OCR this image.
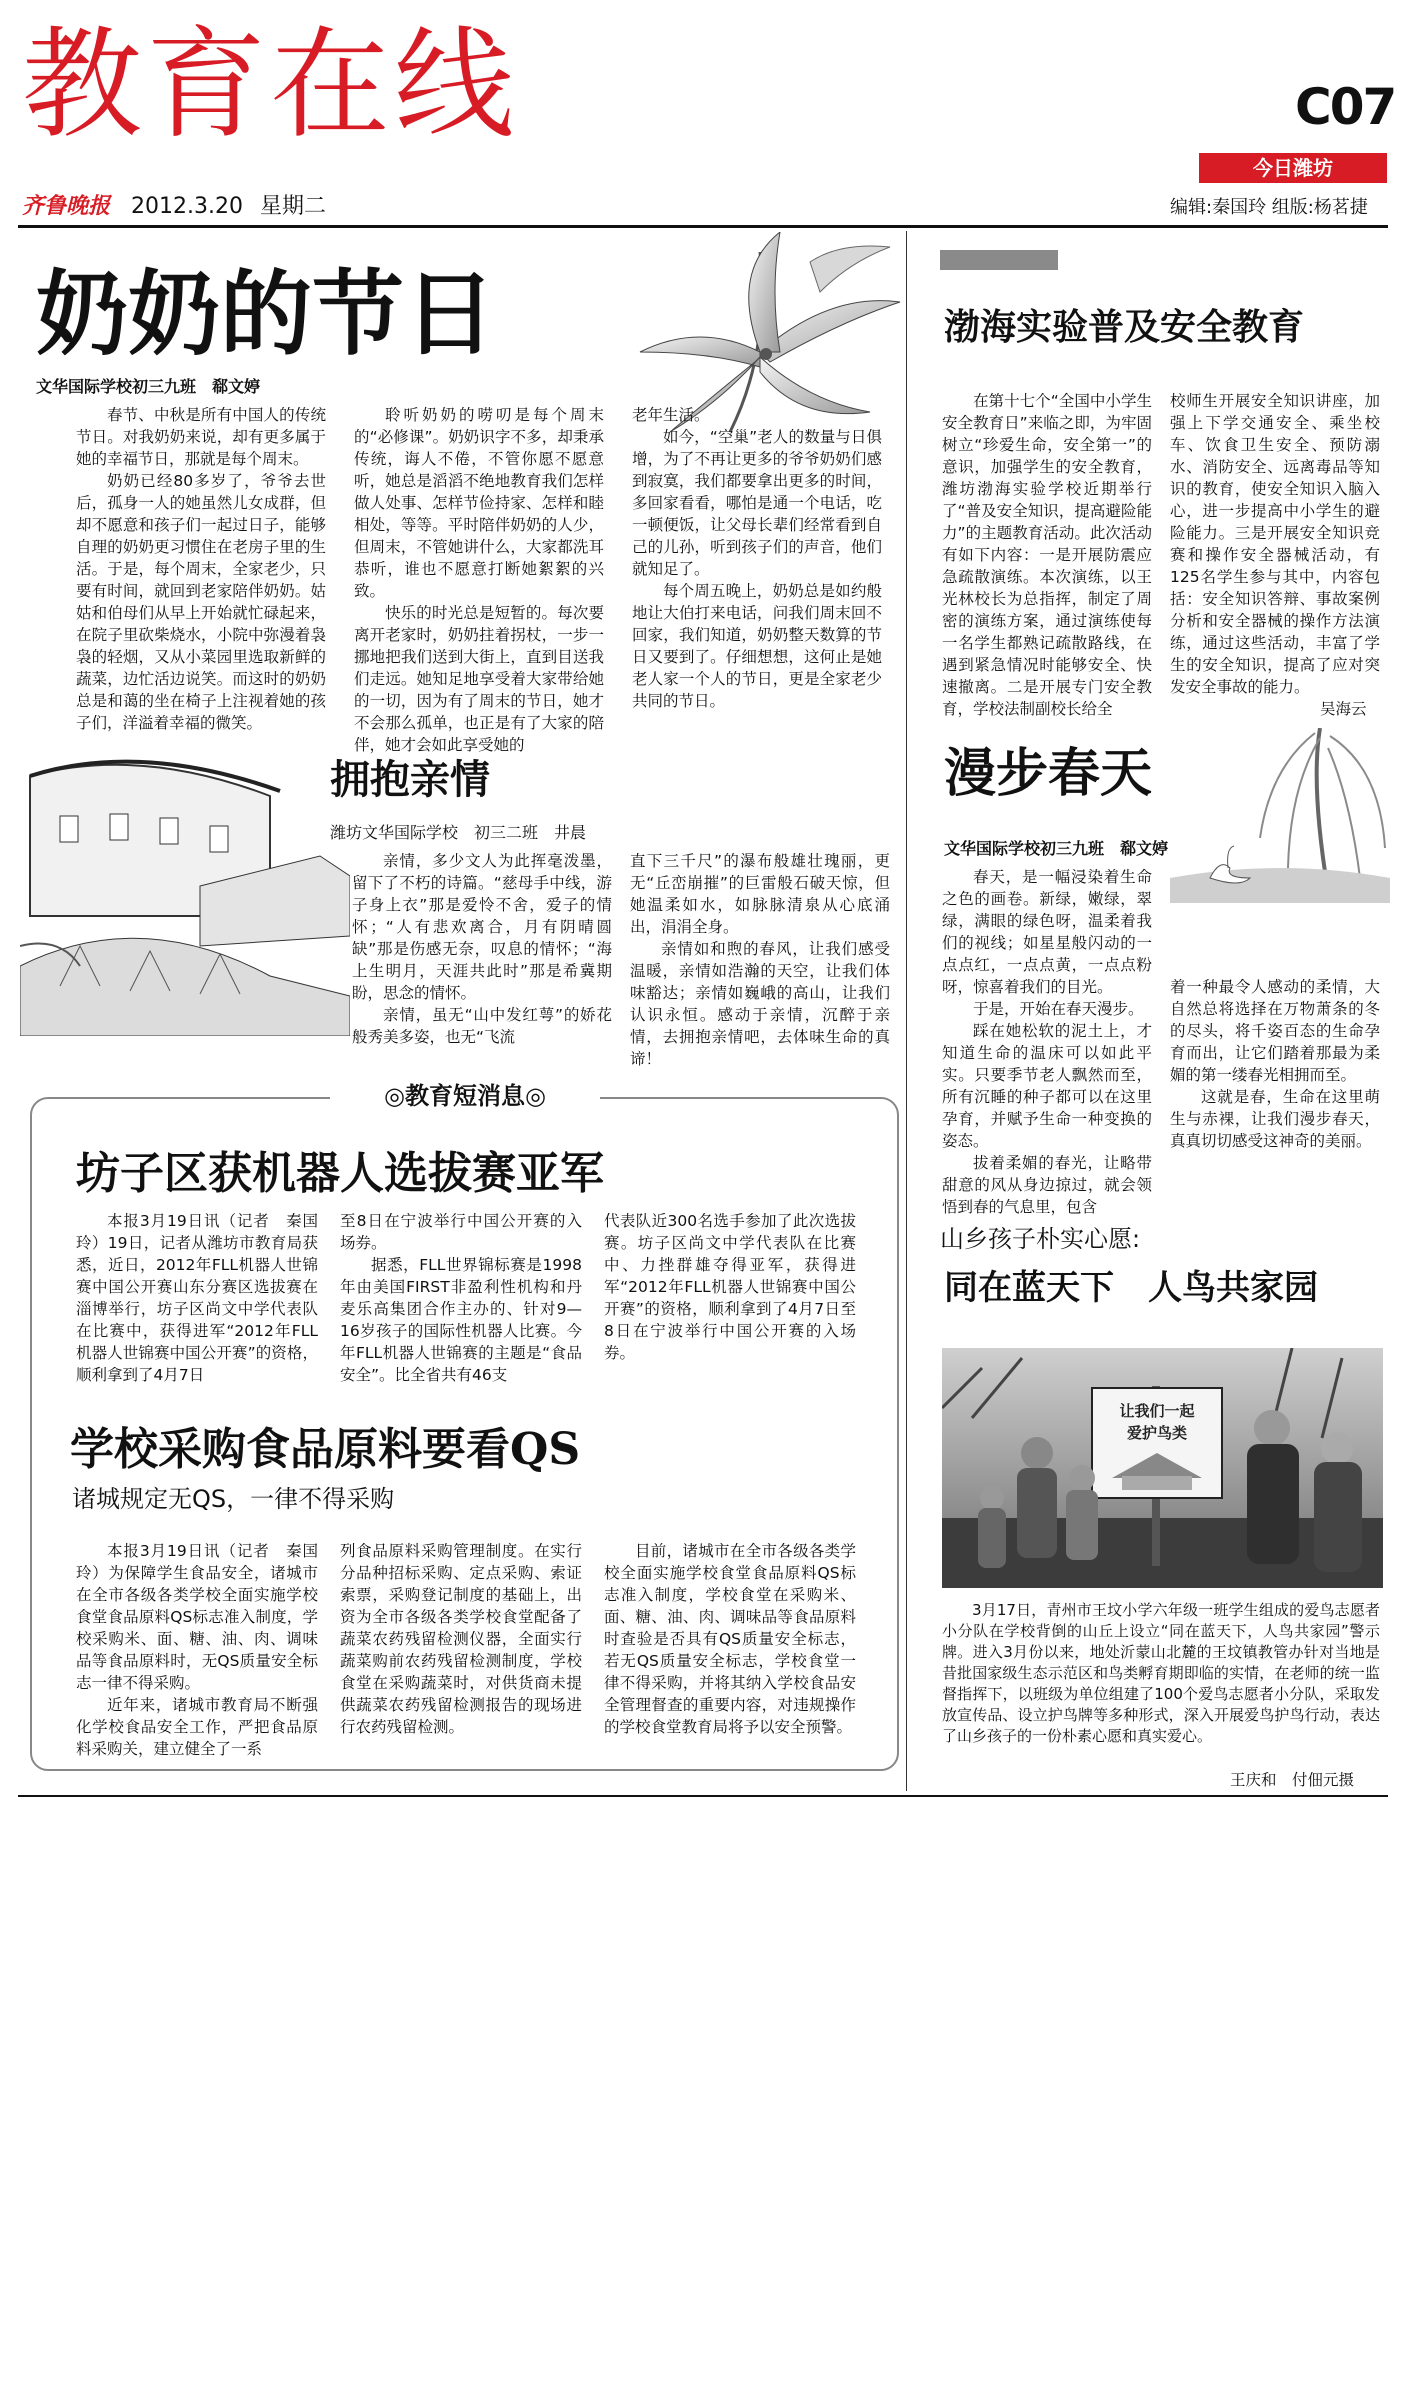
教育在线	C07
今日潍坊
齐鲁晚报 2012.3.20 星期二	编辑:秦国玲 组版:杨茗捷
奶奶的节日
文华国际学校初三九班　郗文婷

春节、中秋是所有中国人的传统节日。对我奶奶来说，却有更多属于她的幸福节日，那就是每个周末。

奶奶已经80多岁了，爷爷去世后，孤身一人的她虽然儿女成群，但却不愿意和孩子们一起过日子，能够自理的奶奶更习惯住在老房子里的生活。于是，每个周末，全家老少，只要有时间，就回到老家陪伴奶奶。姑姑和伯母们从早上开始就忙碌起来，在院子里砍柴烧水，小院中弥漫着袅袅的轻烟，又从小菜园里选取新鲜的蔬菜，边忙活边说笑。而这时的奶奶总是和蔼的坐在椅子上注视着她的孩子们，洋溢着幸福的微笑。

聆听奶奶的唠叨是每个周末的“必修课”。奶奶识字不多，却秉承传统，诲人不倦，不管你愿不愿意听，她总是滔滔不绝地教育我们怎样做人处事、怎样节俭持家、怎样和睦相处，等等。平时陪伴奶奶的人少，但周末，不管她讲什么，大家都洗耳恭听，谁也不愿意打断她絮絮的兴致。

快乐的时光总是短暂的。每次要离开老家时，奶奶拄着拐杖，一步一挪地把我们送到大街上，直到目送我们走远。她知足地享受着大家带给她的一切，因为有了周末的节日，她才不会那么孤单，也正是有了大家的陪伴，她才会如此享受她的

老年生活。

如今，“空巢”老人的数量与日俱增，为了不再让更多的爷爷奶奶们感到寂寞，我们都要拿出更多的时间，多回家看看，哪怕是通一个电话，吃一顿便饭，让父母长辈们经常看到自己的儿孙，听到孩子们的声音，他们就知足了。

每个周五晚上，奶奶总是如约般地让大伯打来电话，问我们周末回不回家，我们知道，奶奶整天数算的节日又要到了。仔细想想，这何止是她老人家一个人的节日，更是全家老少共同的节日。

渤海实验普及安全教育

在第十七个“全国中小学生安全教育日”来临之即，为牢固树立“珍爱生命，安全第一”的意识，加强学生的安全教育，潍坊渤海实验学校近期举行了“普及安全知识，提高避险能力”的主题教育活动。此次活动有如下内容：一是开展防震应急疏散演练。本次演练，以王光林校长为总指挥，制定了周密的演练方案，通过演练使每一名学生都熟记疏散路线，在遇到紧急情况时能够安全、快速撤离。二是开展专门安全教育，学校法制副校长给全

校师生开展安全知识讲座，加强上下学交通安全、乘坐校车、饮食卫生安全、预防溺水、消防安全、远离毒品等知识的教育，使安全知识入脑入心，进一步提高中小学生的避险能力。三是开展安全知识竞赛和操作安全器械活动，有125名学生参与其中，内容包括：安全知识答辩、事故案例分析和安全器械的操作方法演练，通过这些活动，丰富了学生的安全知识，提高了应对突发安全事故的能力。

吴海云
拥抱亲情
潍坊文华国际学校　初三二班　井晨

亲情，多少文人为此挥毫泼墨，留下了不朽的诗篇。“慈母手中线，游子身上衣”那是爱怜不舍，爱子的情怀；“人有悲欢离合，月有阴晴圆缺”那是伤感无奈，叹息的情怀；“海上生明月，天涯共此时”那是希冀期盼，思念的情怀。

亲情，虽无“山中发红萼”的娇花般秀美多姿，也无“飞流

直下三千尺”的瀑布般雄壮瑰丽，更无“丘峦崩摧”的巨雷般石破天惊，但她温柔如水，如脉脉清泉从心底涌出，涓涓全身。

亲情如和煦的春风，让我们感受温暖，亲情如浩瀚的天空，让我们体味豁达；亲情如巍峨的高山，让我们认识永恒。感动于亲情，沉醉于亲情，去拥抱亲情吧，去体味生命的真谛！

漫步春天
文华国际学校初三九班　郗文婷

春天，是一幅浸染着生命之色的画卷。新绿，嫩绿，翠绿，满眼的绿色呀，温柔着我们的视线；如星星般闪动的一点点红，一点点黄，一点点粉呀，惊喜着我们的目光。

于是，开始在春天漫步。

踩在她松软的泥土上，才知道生命的温床可以如此平实。只要季节老人飘然而至，所有沉睡的种子都可以在这里孕育，并赋予生命一种变换的姿态。

拔着柔媚的春光，让略带甜意的风从身边掠过，就会领悟到春的气息里，包含

着一种最令人感动的柔情，大自然总将选择在万物萧条的冬的尽头，将千姿百态的生命孕育而出，让它们踏着那最为柔媚的第一缕春光相拥而至。

这就是春，生命在这里萌生与赤裸，让我们漫步春天，真真切切感受这神奇的美丽。

◎教育短消息◎
坊子区获机器人选拔赛亚军

本报3月19日讯（记者　秦国玲）19日，记者从潍坊市教育局获悉，近日，2012年FLL机器人世锦赛中国公开赛山东分赛区选拔赛在淄博举行，坊子区尚文中学代表队在比赛中，获得进军“2012年FLL机器人世锦赛中国公开赛”的资格，顺利拿到了4月7日

至8日在宁波举行中国公开赛的入场券。

据悉，FLL世界锦标赛是1998年由美国FIRST非盈利性机构和丹麦乐高集团合作主办的、针对9—16岁孩子的国际性机器人比赛。今年FLL机器人世锦赛的主题是“食品安全”。比全省共有46支

代表队近300名选手参加了此次选拔赛。坊子区尚文中学代表队在比赛中、力挫群雄夺得亚军，获得进军“2012年FLL机器人世锦赛中国公开赛”的资格，顺利拿到了4月7日至8日在宁波举行中国公开赛的入场券。

学校采购食品原料要看QS
诸城规定无QS，一律不得采购

本报3月19日讯（记者　秦国玲）为保障学生食品安全，诸城市在全市各级各类学校全面实施学校食堂食品原料QS标志准入制度，学校采购米、面、糖、油、肉、调味品等食品原料时，无QS质量安全标志一律不得采购。

近年来，诸城市教育局不断强化学校食品安全工作，严把食品原料采购关，建立健全了一系

列食品原料采购管理制度。在实行分品种招标采购、定点采购、索证索票，采购登记制度的基础上，出资为全市各级各类学校食堂配备了蔬菜农药残留检测仪器，全面实行蔬菜购前农药残留检测制度，学校食堂在采购蔬菜时，对供货商未提供蔬菜农药残留检测报告的现场进行农药残留检测。

目前，诸城市在全市各级各类学校全面实施学校食堂食品原料QS标志准入制度，学校食堂在采购米、面、糖、油、肉、调味品等食品原料时查验是否具有QS质量安全标志，若无QS质量安全标志，学校食堂一律不得采购，并将其纳入学校食品安全管理督查的重要内容，对违规操作的学校食堂教育局将予以安全预警。

山乡孩子朴实心愿:
同在蓝天下　人鸟共家园
让我们一起
爱护鸟类

3月17日，青州市王坟小学六年级一班学生组成的爱鸟志愿者小分队在学校背倒的山丘上设立“同在蓝天下，人鸟共家园”警示牌。进入3月份以来，地处沂蒙山北麓的王坟镇教管办针对当地是昔批国家级生态示范区和鸟类孵育期即临的实情，在老师的统一监督指挥下，以班级为单位组建了100个爱鸟志愿者小分队，采取发放宣传品、设立护鸟牌等多种形式，深入开展爱鸟护鸟行动，表达了山乡孩子的一份朴素心愿和真实爱心。

王庆和　付佃元摄
